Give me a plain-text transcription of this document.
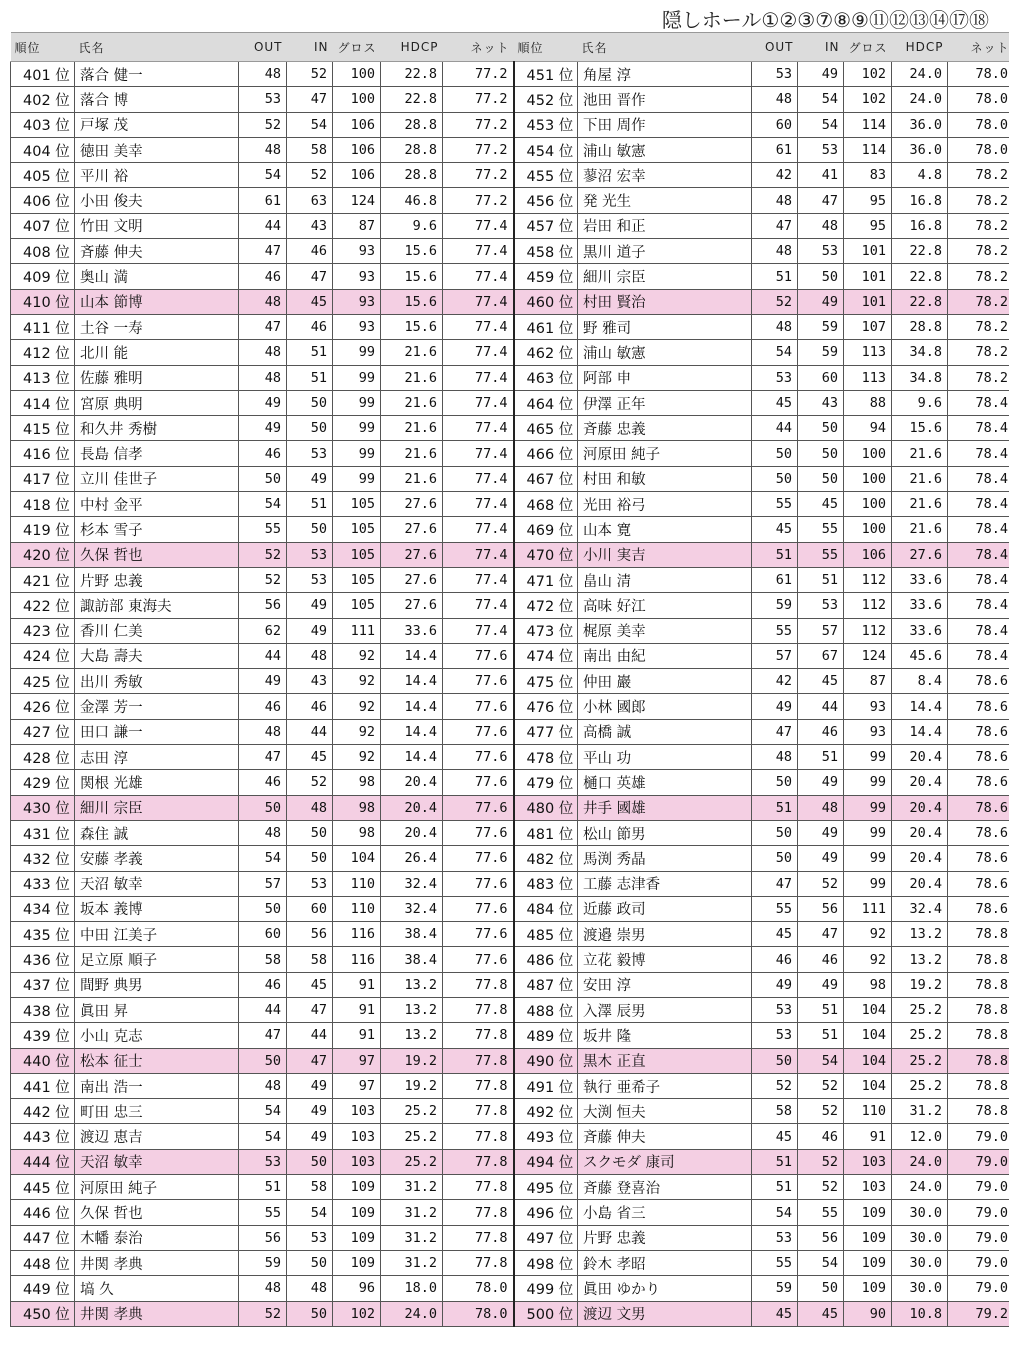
隠しホール①②③⑦⑧⑨⑪⑫⑬⑭⑰⑱
順位	氏名	OUT	IN	グロス	HDCP	ネット	順位	氏名	OUT	IN	グロス	HDCP	ネット
401 位	落合 健一	48	52	100	22.8	77.2	451 位	角屋 淳	53	49	102	24.0	78.0
402 位	落合 博	53	47	100	22.8	77.2	452 位	池田 晋作	48	54	102	24.0	78.0
403 位	戸塚 茂	52	54	106	28.8	77.2	453 位	下田 周作	60	54	114	36.0	78.0
404 位	徳田 美幸	48	58	106	28.8	77.2	454 位	浦山 敏憲	61	53	114	36.0	78.0
405 位	平川 裕	54	52	106	28.8	77.2	455 位	蓼沼 宏幸	42	41	83	4.8	78.2
406 位	小田 俊夫	61	63	124	46.8	77.2	456 位	発 光生	48	47	95	16.8	78.2
407 位	竹田 文明	44	43	87	9.6	77.4	457 位	岩田 和正	47	48	95	16.8	78.2
408 位	斉藤 伸夫	47	46	93	15.6	77.4	458 位	黒川 道子	48	53	101	22.8	78.2
409 位	奥山 満	46	47	93	15.6	77.4	459 位	細川 宗臣	51	50	101	22.8	78.2
410 位	山本 節博	48	45	93	15.6	77.4	460 位	村田 賢治	52	49	101	22.8	78.2
411 位	土谷 一寿	47	46	93	15.6	77.4	461 位	野 雅司	48	59	107	28.8	78.2
412 位	北川 能	48	51	99	21.6	77.4	462 位	浦山 敏憲	54	59	113	34.8	78.2
413 位	佐藤 雅明	48	51	99	21.6	77.4	463 位	阿部 申	53	60	113	34.8	78.2
414 位	宮原 典明	49	50	99	21.6	77.4	464 位	伊澤 正年	45	43	88	9.6	78.4
415 位	和久井 秀樹	49	50	99	21.6	77.4	465 位	斉藤 忠義	44	50	94	15.6	78.4
416 位	長島 信孝	46	53	99	21.6	77.4	466 位	河原田 純子	50	50	100	21.6	78.4
417 位	立川 佳世子	50	49	99	21.6	77.4	467 位	村田 和敏	50	50	100	21.6	78.4
418 位	中村 金平	54	51	105	27.6	77.4	468 位	光田 裕弓	55	45	100	21.6	78.4
419 位	杉本 雪子	55	50	105	27.6	77.4	469 位	山本 寛	45	55	100	21.6	78.4
420 位	久保 哲也	52	53	105	27.6	77.4	470 位	小川 実吉	51	55	106	27.6	78.4
421 位	片野 忠義	52	53	105	27.6	77.4	471 位	畠山 清	61	51	112	33.6	78.4
422 位	諏訪部 東海夫	56	49	105	27.6	77.4	472 位	高味 好江	59	53	112	33.6	78.4
423 位	香川 仁美	62	49	111	33.6	77.4	473 位	梶原 美幸	55	57	112	33.6	78.4
424 位	大島 壽夫	44	48	92	14.4	77.6	474 位	南出 由紀	57	67	124	45.6	78.4
425 位	出川 秀敏	49	43	92	14.4	77.6	475 位	仲田 巖	42	45	87	8.4	78.6
426 位	金澤 芳一	46	46	92	14.4	77.6	476 位	小林 國郎	49	44	93	14.4	78.6
427 位	田口 謙一	48	44	92	14.4	77.6	477 位	高橋 誠	47	46	93	14.4	78.6
428 位	志田 淳	47	45	92	14.4	77.6	478 位	平山 功	48	51	99	20.4	78.6
429 位	関根 光雄	46	52	98	20.4	77.6	479 位	樋口 英雄	50	49	99	20.4	78.6
430 位	細川 宗臣	50	48	98	20.4	77.6	480 位	井手 國雄	51	48	99	20.4	78.6
431 位	森住 誠	48	50	98	20.4	77.6	481 位	松山 節男	50	49	99	20.4	78.6
432 位	安藤 孝義	54	50	104	26.4	77.6	482 位	馬渕 秀晶	50	49	99	20.4	78.6
433 位	天沼 敏幸	57	53	110	32.4	77.6	483 位	工藤 志津香	47	52	99	20.4	78.6
434 位	坂本 義博	50	60	110	32.4	77.6	484 位	近藤 政司	55	56	111	32.4	78.6
435 位	中田 江美子	60	56	116	38.4	77.6	485 位	渡邉 崇男	45	47	92	13.2	78.8
436 位	足立原 順子	58	58	116	38.4	77.6	486 位	立花 毅博	46	46	92	13.2	78.8
437 位	間野 典男	46	45	91	13.2	77.8	487 位	安田 淳	49	49	98	19.2	78.8
438 位	眞田 昇	44	47	91	13.2	77.8	488 位	入澤 辰男	53	51	104	25.2	78.8
439 位	小山 克志	47	44	91	13.2	77.8	489 位	坂井 隆	53	51	104	25.2	78.8
440 位	松本 征士	50	47	97	19.2	77.8	490 位	黒木 正直	50	54	104	25.2	78.8
441 位	南出 浩一	48	49	97	19.2	77.8	491 位	執行 亜希子	52	52	104	25.2	78.8
442 位	町田 忠三	54	49	103	25.2	77.8	492 位	大渕 恒夫	58	52	110	31.2	78.8
443 位	渡辺 恵吉	54	49	103	25.2	77.8	493 位	斉藤 伸夫	45	46	91	12.0	79.0
444 位	天沼 敏幸	53	50	103	25.2	77.8	494 位	スクモダ 康司	51	52	103	24.0	79.0
445 位	河原田 純子	51	58	109	31.2	77.8	495 位	斉藤 登喜治	51	52	103	24.0	79.0
446 位	久保 哲也	55	54	109	31.2	77.8	496 位	小島 省三	54	55	109	30.0	79.0
447 位	木幡 泰治	56	53	109	31.2	77.8	497 位	片野 忠義	53	56	109	30.0	79.0
448 位	井関 孝典	59	50	109	31.2	77.8	498 位	鈴木 孝昭	55	54	109	30.0	79.0
449 位	塙 久	48	48	96	18.0	78.0	499 位	眞田 ゆかり	59	50	109	30.0	79.0
450 位	井関 孝典	52	50	102	24.0	78.0	500 位	渡辺 文男	45	45	90	10.8	79.2
